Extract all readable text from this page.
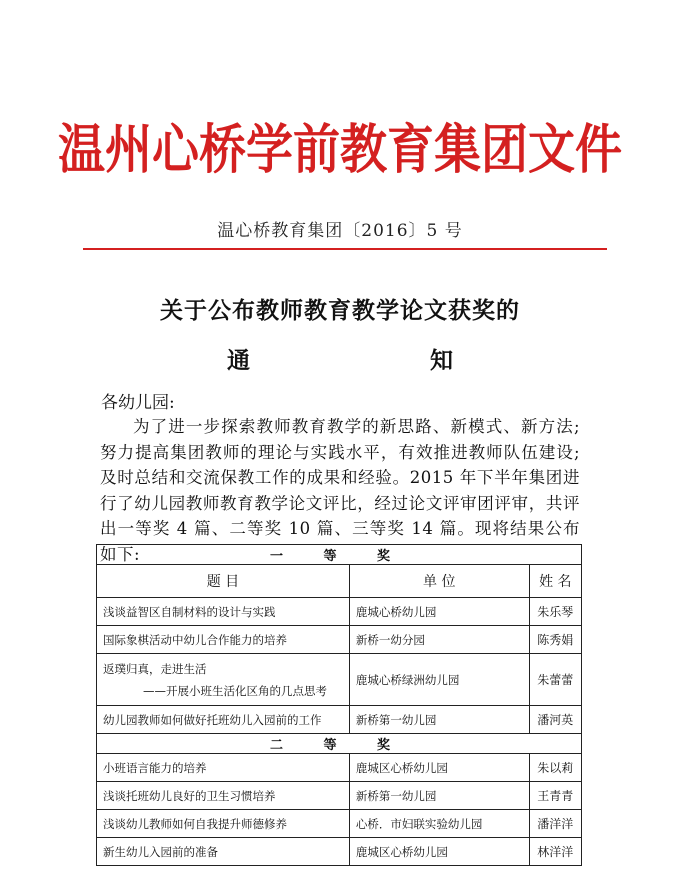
温州心桥学前教育集团文件
温心桥教育集团〔2016〕5 号
关于公布教师教育教学论文获奖的
通	知
各幼儿园:
为了进一步探索教师教育教学的新思路、新模式、新方法;努力提高集团教师的理论与实践水平，有效推进教师队伍建设;及时总结和交流保教工作的成果和经验。2015 年下半年集团进行了幼儿园教师教育教学论文评比，经过论文评审团评审，共评出一等奖 4 篇、二等奖 10 篇、三等奖 14 篇。现将结果公布如下:	一 等 奖		
题 目	单 位	姓 名
浅谈益智区自制材料的设计与实践	鹿城心桥幼儿园	朱乐琴
国际象棋活动中幼儿合作能力的培养	新桥一幼分园	陈秀娟
返璞归真，走进生活
——开展小班生活化区角的几点思考	鹿城心桥绿洲幼儿园	朱蕾蕾
幼儿园教师如何做好托班幼儿入园前的工作	新桥第一幼儿园	潘河英
二 等 奖		
小班语言能力的培养	鹿城区心桥幼儿园	朱以莉
浅谈托班幼儿良好的卫生习惯培养	新桥第一幼儿园	王青青
浅谈幼儿教师如何自我提升师德修养	心桥．市妇联实验幼儿园	潘洋洋
新生幼儿入园前的准备	鹿城区心桥幼儿园	林洋洋
